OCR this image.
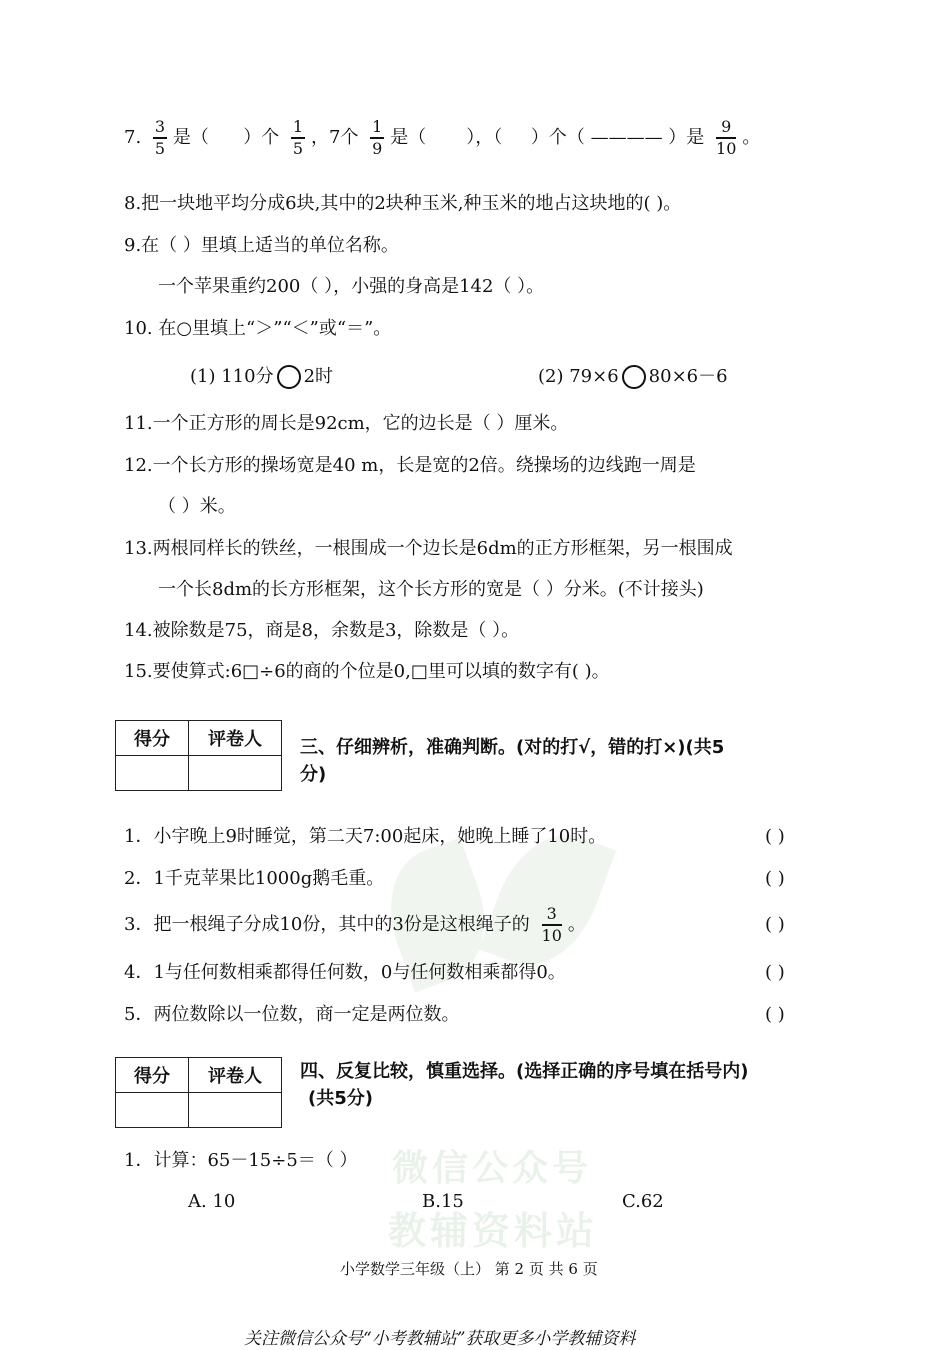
微信公众号
教辅资料站
7. $\frac{3}{5}$ 是（ ）个 $\frac{1}{5}$ ，7个 $\frac{1}{9}$ 是（ ），（ ）个（ ———— ）是 $\frac{9}{10}$ 。
8.把一块地平均分成6块,其中的2块种玉米,种玉米的地占这块地的( )。
9.在（ ）里填上适当的单位名称。
一个苹果重约200（ ），小强的身高是142（ ）。
10. 在○里填上“＞”“＜”或“＝”。
(1) 110分 2时	(2) 79×6 80×6－6
11.一个正方形的周长是92cm，它的边长是（ ）厘米。
12.一个长方形的操场宽是40 m，长是宽的2倍。绕操场的边线跑一周是
（ ）米。
13.两根同样长的铁丝，一根围成一个边长是6dm的正方形框架，另一根围成
一个长8dm的长方形框架，这个长方形的宽是（ ）分米。(不计接头)
14.被除数是75，商是8，余数是3，除数是（ ）。
15.要使算式:6□÷6的商的个位是0,□里可以填的数字有( )。
得分	评卷人
	三、仔细辨析，准确判断。(对的打√，错的打×)(共5
分)
1．小宇晚上9时睡觉，第二天7:00起床，她晚上睡了10时。	( )
2．1千克苹果比1000g鹅毛重。	( )
3．把一根绳子分成10份，其中的3份是这根绳子的 $\frac{3}{10}$ 。	( )
4．1与任何数相乘都得任何数，0与任何数相乘都得0。	( )
5．两位数除以一位数，商一定是两位数。	( )
得分	评卷人
	四、反复比较，慎重选择。(选择正确的序号填在括号内)
(共5分)
1．计算：65－15÷5＝（ ）
A. 10	B.15	C.62
小学数学三年级（上） 第 2 页 共 6 页
关注微信公众号“小考教辅站”获取更多小学教辅资料
